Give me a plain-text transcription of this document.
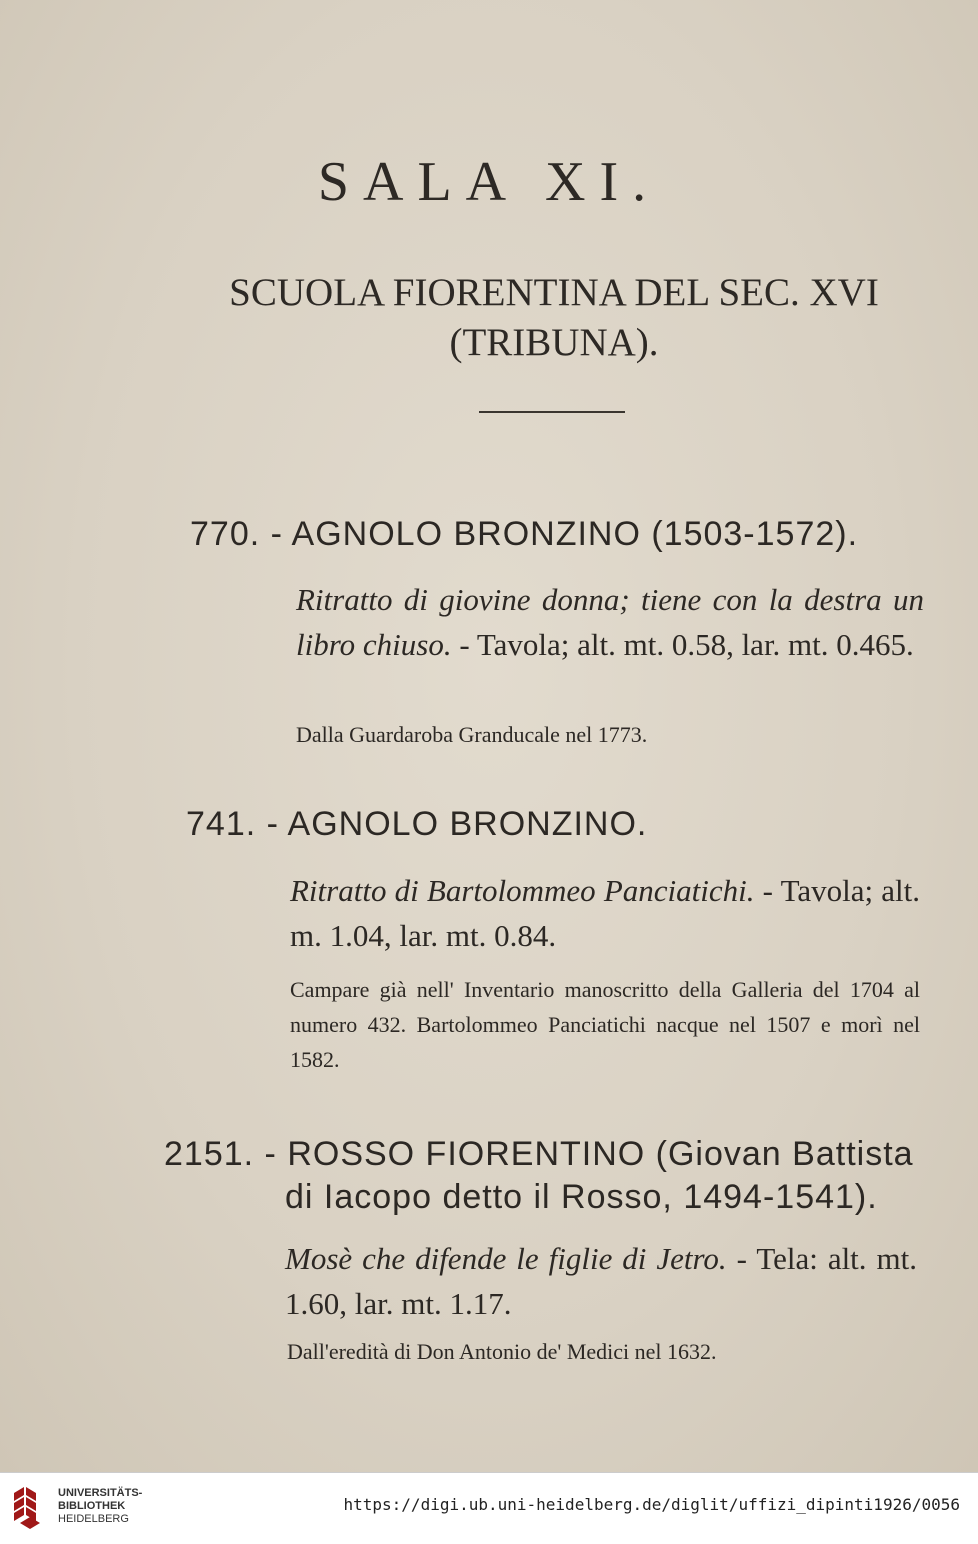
SALA XI.
SCUOLA FIORENTINA DEL SEC. XVI
(TRIBUNA).
770. - AGNOLO BRONZINO (1503-1572).
Ritratto di giovine donna; tiene con la destra un libro chiuso. - Tavola; alt. mt. 0.58, lar. mt. 0.465.
Dalla Guardaroba Granducale nel 1773.
741. - AGNOLO BRONZINO.
Ritratto di Bartolommeo Panciatichi. - Tavola; alt. m. 1.04, lar. mt. 0.84.
Campare già nell' Inventario manoscritto della Galleria del 1704 al numero 432. Bartolommeo Panciatichi nacque nel 1507 e morì nel 1582.
2151. - ROSSO FIORENTINO (Giovan Battista
di Iacopo detto il Rosso, 1494-1541).
Mosè che difende le figlie di Jetro. - Tela: alt. mt. 1.60, lar. mt. 1.17.
Dall'eredità di Don Antonio de' Medici nel 1632.
UNIVERSITÄTS-
BIBLIOTHEK
HEIDELBERG
https://digi.ub.uni-heidelberg.de/diglit/uffizi_dipinti1926/0056
